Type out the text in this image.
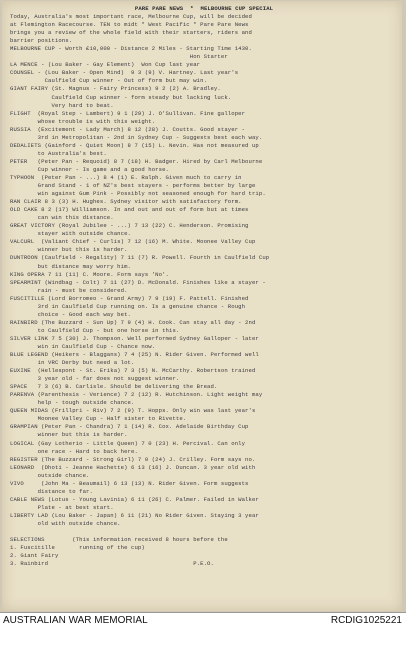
PARE PARE NEWS  *  MELBOURNE CUP SPECIAL
Today, Australia's most important race, Melbourne Cup, will be decided
at Flemington Racecourse. TEN to midt * West Pacific * Pare Pare News
brings you a review of the whole field with their starters, riders and
barrier positions.
MELBOURNE CUP - Worth £10,000 - Distance 2 Miles - Starting Time 1430.
Hon Starter
LA MENCE - (Lou Baker - Gay Element)  Won Cup last year
COUNSEL - (Lou Baker - Open Mind)  9 3 (9) V. Hartney. Last year's
Caulfield Cup winner - Out of form but may win.
GIANT FAIRY (St. Magnus - Fairy Princess) 9 2 (2) A. Bradley.
Caulfield Cup winner - form steady but lacking luck.
Very hard to beat.
FLIGHT  (Royal Step - Lambert) 9 1 (29) J. O'Sullivan. Fine galloper
whose trouble is with this weight.
RUSSIA  (Excitement - Lady March) 8 12 (28) J. Coutts. Good stayer -
3rd in Metropolitan - 2nd in Sydney Cup - Suggests best each way.
DEDALIETS (Gainford - Quiet Moon) 8 7 (15) L. Nevin. Has not measured up
to Australia's best.
PETER   (Peter Pan - Requoid) 8 7 (18) H. Badger. Hired by Carl Melbourne
Cup winner - Is game and a good horse.
TYPHOON  (Peter Pan - ...) 8 4 (1) E. Ralph. Given much to carry in
Grand Stand - 1 of NZ's best stayers - performs better by large
win against Gum Pink - Possibly not seasoned enough for hard trip.
RAN CLAIR 8 3 (3) H. Hughes. Sydney visitor with satisfactory form.
OLD CAKE 8 2 (17) Williamson. In and out and out of form but at times
can win this distance.
GREAT VICTORY (Royal Jubilee - ...) 7 13 (22) C. Henderson. Promising
stayer with outside chance.
VALCURL  (Valiant Chief - Curlis) 7 12 (16) M. White. Moonee Valley Cup
winner but this is harder.
DUNTROON (Caulfield - Regality) 7 11 (7) R. Powell. Fourth in Caulfield Cup
but distance may worry him.
KING OPERA 7 11 (11) C. Moore. Form says 'No'.
SPEARMINT (Windbag - Colt) 7 11 (27) D. McDonald. Finishes like a stayer -
rain - must be considered.
FUSCITILLE (Lord Borromeo - Grand Army) 7 9 (19) F. Pattell. Finished
3rd in Caulfield Cup running on. Is a genuine chance - Rough
choice - Good each way bet.
RAINBIRD (The Buzzard - Sun Up) 7 9 (4) H. Cook. Can stay all day - 2nd
to Caulfield Cup - but one horse in this.
SILVER LINK 7 5 (30) J. Thompson. Well performed Sydney Galloper - later
win in Caulfield Cup - Chance now.
BLUE LEGEND (Heikers - Blaggans) 7 4 (25) N. Rider Given. Performed well
in VRC Derby but need a lot.
EUXINE  (Hellespont - St. Erika) 7 3 (5) N. McCarthy. Robertson trained
3 year old - far does not suggest winner.
SPACE   7 3 (6) B. Carlisle. Should be delivering the Bread.
PARENVA (Parenthesis - Verience) 7 2 (12) R. Hutchinson. Light weight may
help - tough outside chance.
QUEEN MIDAS (Frillpri - Riv) 7 2 (9) T. Hopps. Only win was last year's
Moonee Valley Cup - Half sister to Rivette.
GRAMPIAN (Peter Pan - Chandra) 7 1 (14) R. Cox. Adelaide Birthday Cup
winner but this is harder.
LOGICAL (Gay Lotherio - Little Queen) 7 0 (23) H. Percival. Can only
one race - Hard to back here.
REGISTER (The Buzzard - Strong Girl) 7 0 (24) J. Crilley. Form says no.
LEONARD  (Dhoti - Jeanne Hachette) 6 13 (16) J. Duncan. 3 year old with
outside chance.
VIVO     (John Ma - Beaumail) 6 13 (13) N. Rider Given. Form suggests
distance to far.
CABLE NEWS (Lotus - Young Lavinia) 6 11 (26) C. Palmer. Failed in Walker
Plate - at best start.
LIBERTY LAD (Lou Baker - Japan) 6 11 (21) No Rider Given. Staying 3 year
old with outside chance.
SELECTIONS        (This information received 8 hours before the
1. Fuscitille       running of the cup)
2. Giant Fairy
3. Rainbird                                          P.E.O.
AUSTRALIAN WAR MEMORIAL	RCDIG1025221
